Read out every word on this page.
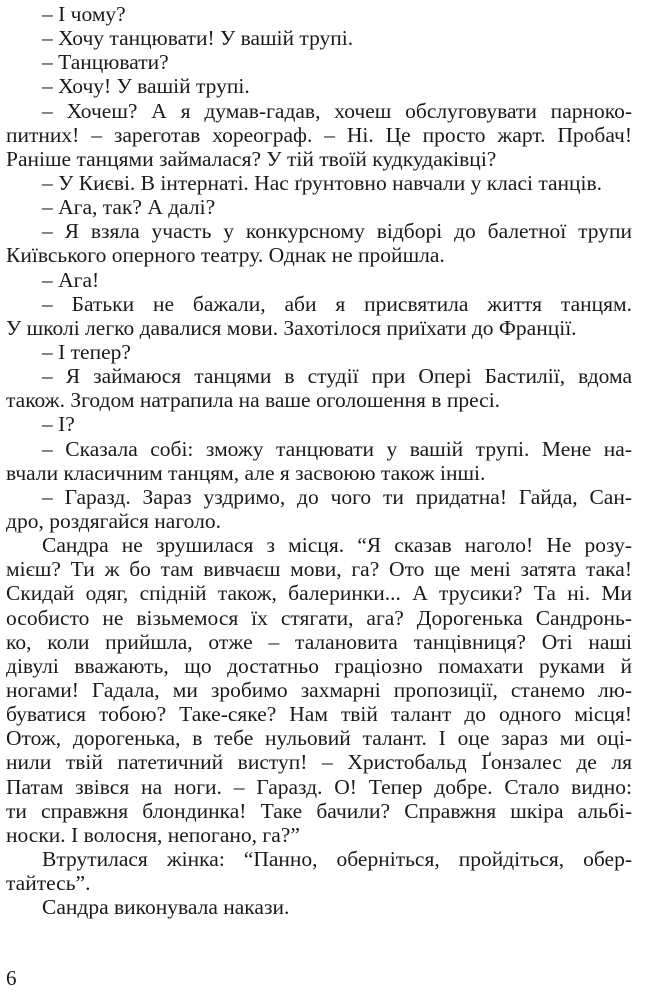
– І чому?
– Хочу танцювати! У вашій трупі.
– Танцювати?
– Хочу! У вашій трупі.
– Хочеш? А я думав-гадав, хочеш обслуговувати парноко-
питних! – зареготав хореограф. – Ні. Це просто жарт. Пробач!
Раніше танцями займалася? У тій твоїй кудкудаківці?
– У Києві. В інтернаті. Нас ґрунтовно навчали у класі танців.
– Ага, так? А далі?
– Я взяла участь у конкурсному відборі до балетної трупи
Київського оперного театру. Однак не пройшла.
– Ага!
– Батьки не бажали, аби я присвятила життя танцям.
У школі легко давалися мови. Захотілося приїхати до Франції.
– І тепер?
– Я займаюся танцями в студії при Опері Бастилії, вдома
також. Згодом натрапила на ваше оголошення в пресі.
– І?
– Сказала собі: зможу танцювати у вашій трупі. Мене на-
вчали класичним танцям, але я засвоюю також інші.
– Гаразд. Зараз уздримо, до чого ти придатна! Гайда, Сан-
дро, роздягайся наголо.
Сандра не зрушилася з місця. “Я сказав наголо! Не розу-
мієш? Ти ж бо там вивчаєш мови, га? Ото ще мені затята така!
Скидай одяг, спідній також, балеринки... А трусики? Та ні. Ми
особисто не візьмемося їх стягати, ага? Дорогенька Сандронь-
ко, коли прийшла, отже – талановита танцівниця? Оті наші
дівулі вважають, що достатньо граціозно помахати руками й
ногами! Гадала, ми зробимо захмарні пропозиції, станемо лю-
буватися тобою? Таке-сяке? Нам твій талант до одного місця!
Отож, дорогенька, в тебе нульовий талант. І оце зараз ми оці-
нили твій патетичний виступ! – Христобальд Ґонзалес де ля
Патам звівся на ноги. – Гаразд. О! Тепер добре. Стало видно:
ти справжня блондинка! Таке бачили? Справжня шкіра альбі-
носки. І волосня, непогано, га?”
Втрутилася жінка: “Панно, оберніться, пройдіться, обер-
тайтесь”.
Сандра виконувала накази.
6
